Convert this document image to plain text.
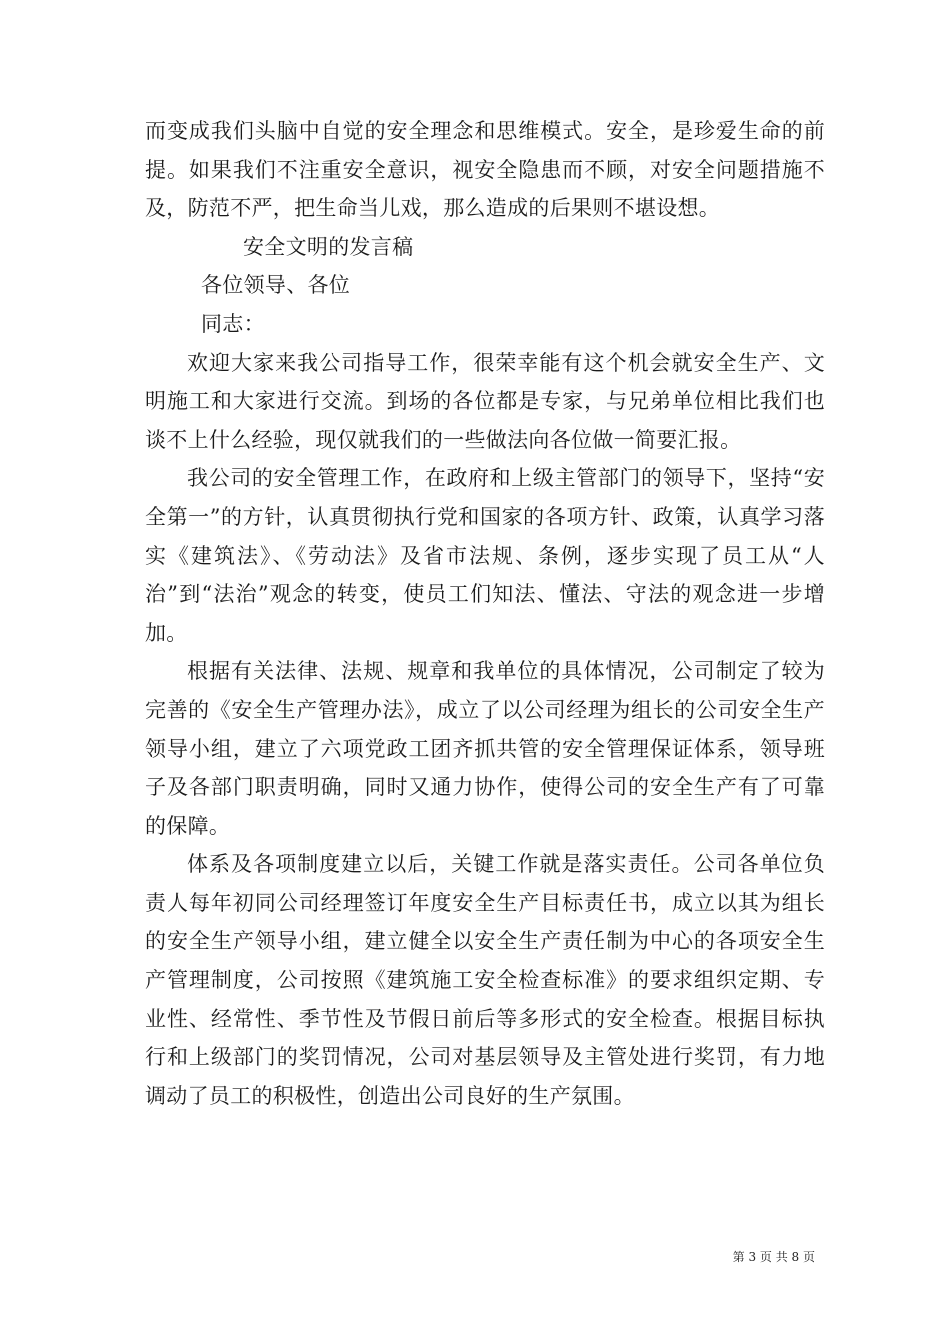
而变成我们头脑中自觉的安全理念和思维模式。安全，是珍爱生命的前提。如果我们不注重安全意识，视安全隐患而不顾，对安全问题措施不及，防范不严，把生命当儿戏，那么造成的后果则不堪设想。

安全文明的发言稿

各位领导、各位

同志：

欢迎大家来我公司指导工作，很荣幸能有这个机会就安全生产、文明施工和大家进行交流。到场的各位都是专家，与兄弟单位相比我们也谈不上什么经验，现仅就我们的一些做法向各位做一简要汇报。

我公司的安全管理工作，在政府和上级主管部门的领导下，坚持“安全第一”的方针，认真贯彻执行党和国家的各项方针、政策，认真学习落实《建筑法》、《劳动法》及省市法规、条例，逐步实现了员工从“人治”到“法治”观念的转变，使员工们知法、懂法、守法的观念进一步增加。

根据有关法律、法规、规章和我单位的具体情况，公司制定了较为完善的《安全生产管理办法》，成立了以公司经理为组长的公司安全生产领导小组，建立了六项党政工团齐抓共管的安全管理保证体系，领导班子及各部门职责明确，同时又通力协作，使得公司的安全生产有了可靠的保障。

体系及各项制度建立以后，关键工作就是落实责任。公司各单位负责人每年初同公司经理签订年度安全生产目标责任书，成立以其为组长的安全生产领导小组，建立健全以安全生产责任制为中心的各项安全生产管理制度，公司按照《建筑施工安全检查标准》的要求组织定期、专业性、经常性、季节性及节假日前后等多形式的安全检查。根据目标执行和上级部门的奖罚情况，公司对基层领导及主管处进行奖罚，有力地调动了员工的积极性，创造出公司良好的生产氛围。

第 3 页 共 8 页
